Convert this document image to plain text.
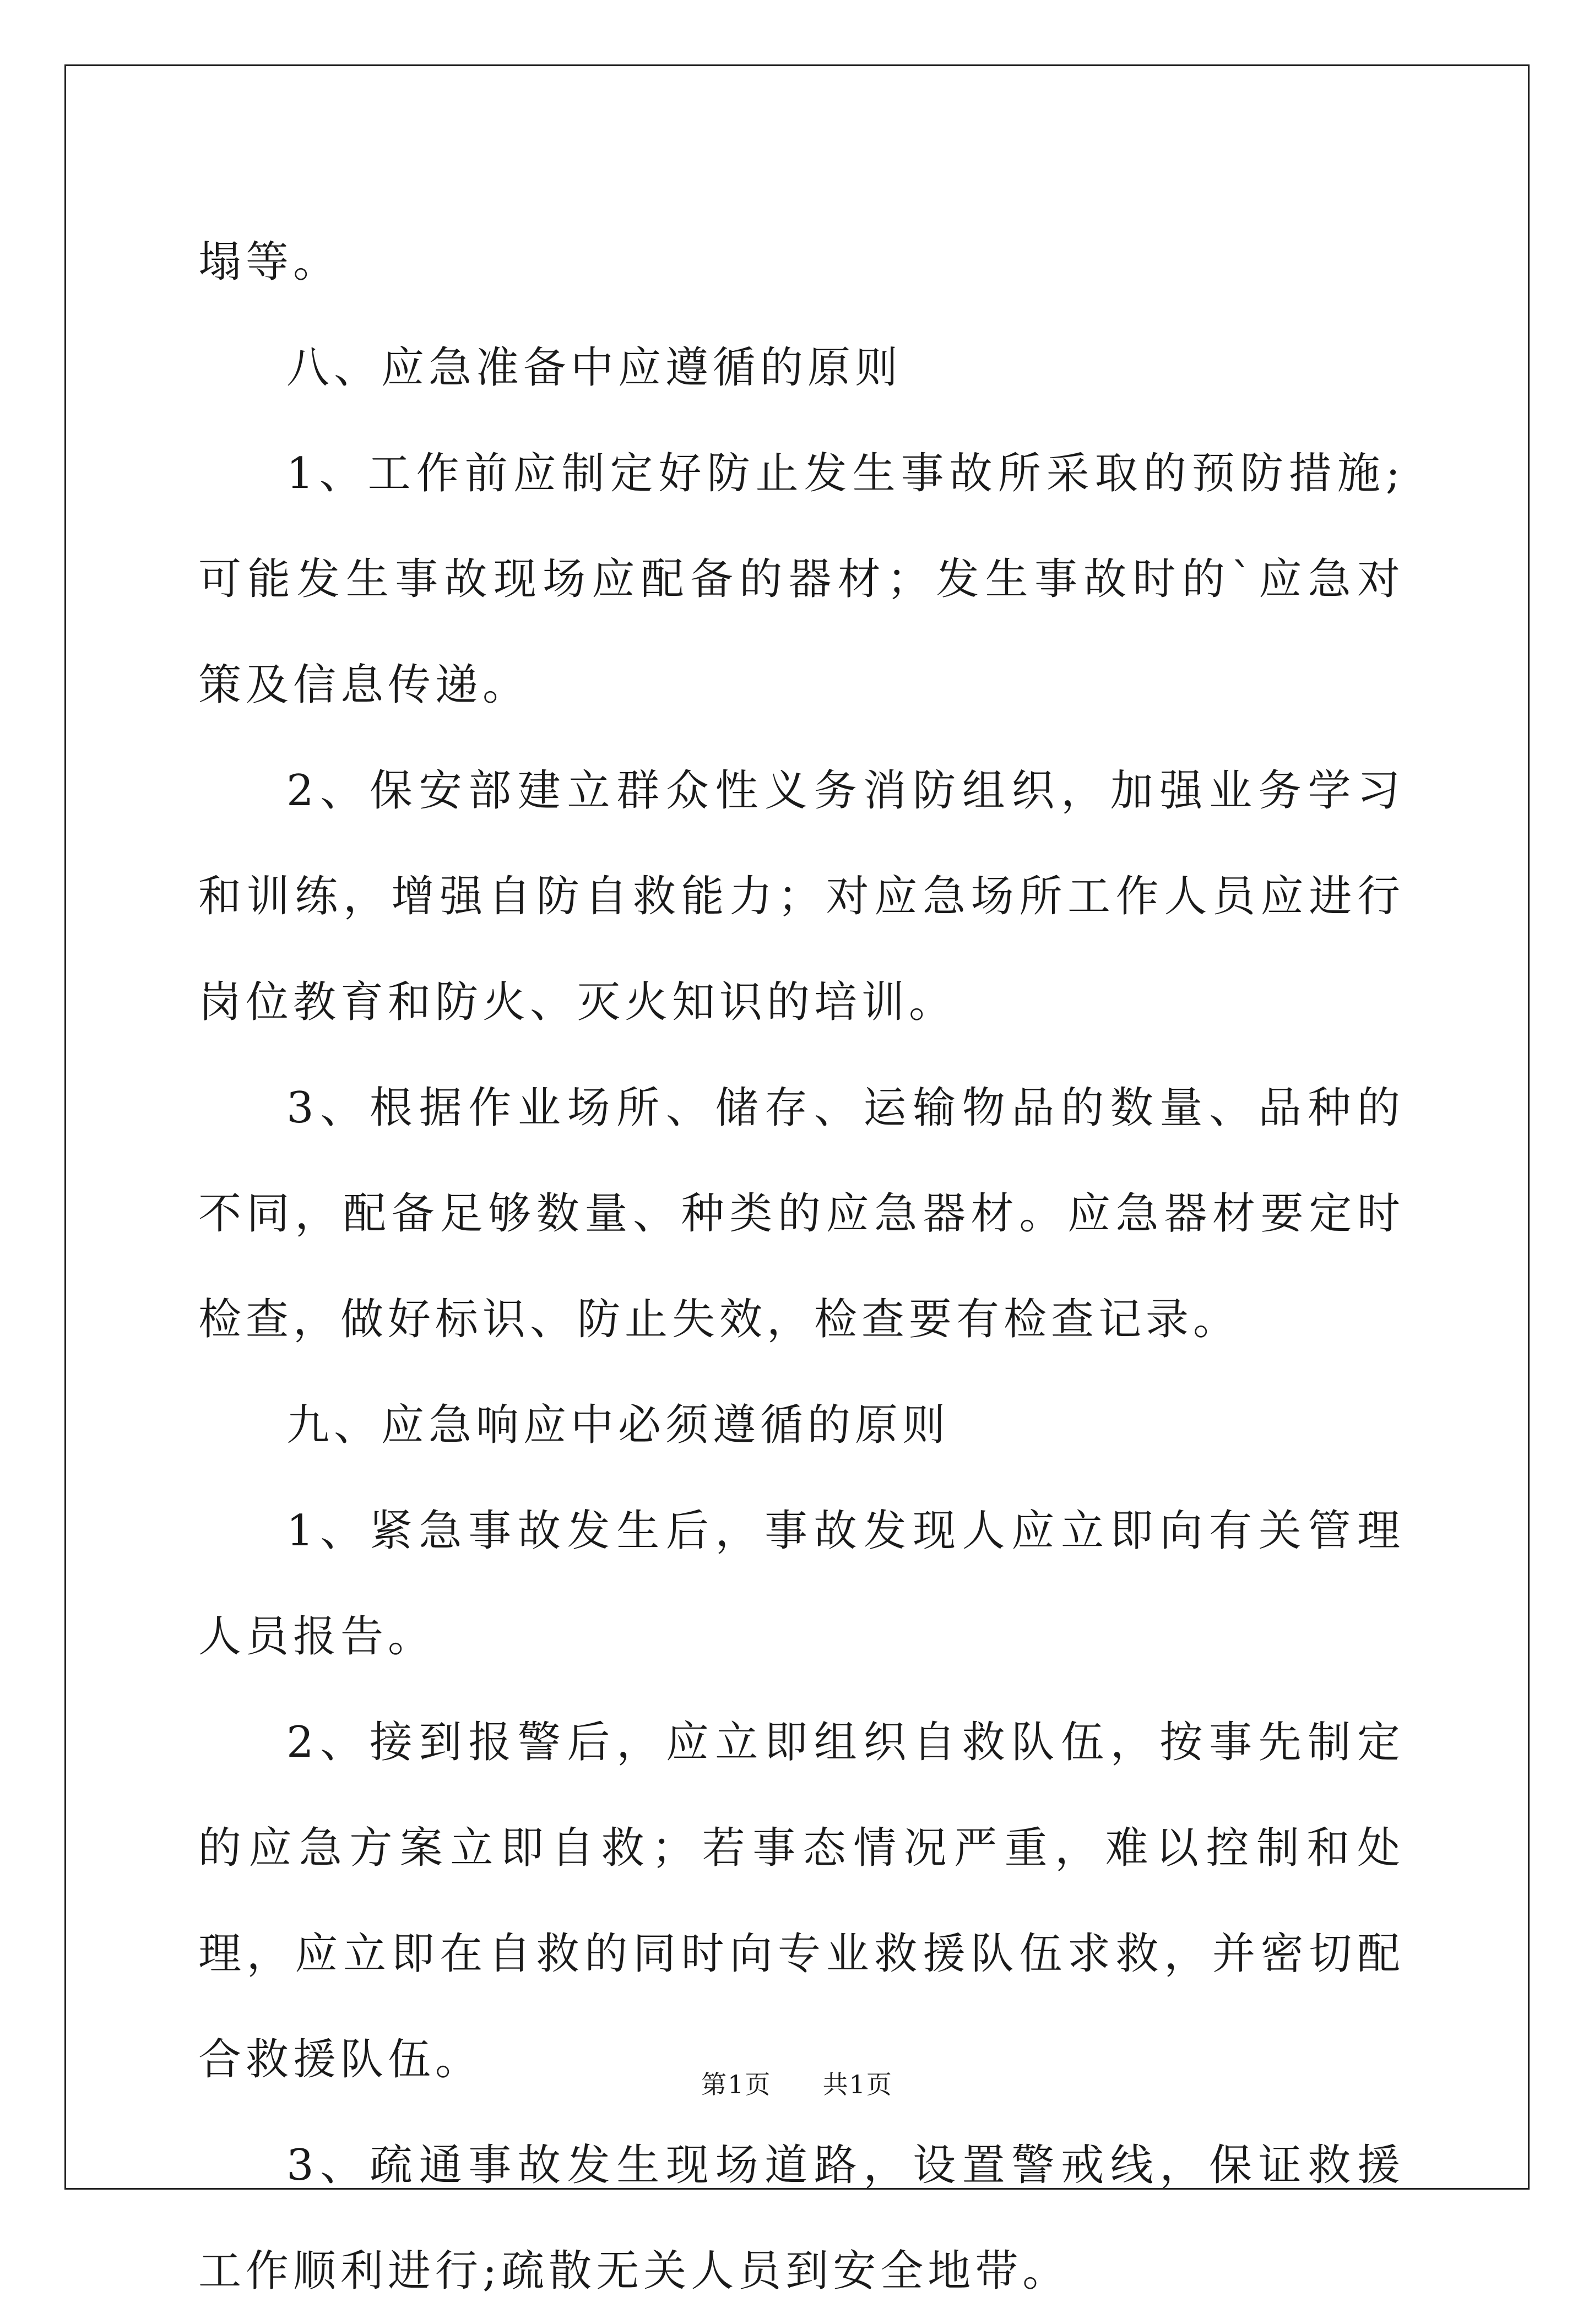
塌等。

八、应急准备中应遵循的原则

1、工作前应制定好防止发生事故所采取的预防措施;可能发生事故现场应配备的器材；发生事故时的`应急对策及信息传递。

2、保安部建立群众性义务消防组织，加强业务学习和训练，增强自防自救能力；对应急场所工作人员应进行岗位教育和防火、灭火知识的培训。

3、根据作业场所、储存、运输物品的数量、品种的不同，配备足够数量、种类的应急器材。应急器材要定时检查，做好标识、防止失效，检查要有检查记录。

九、应急响应中必须遵循的原则

1、紧急事故发生后，事故发现人应立即向有关管理人员报告。

2、接到报警后，应立即组织自救队伍，按事先制定的应急方案立即自救；若事态情况严重，难以控制和处理，应立即在自救的同时向专业救援队伍求救，并密切配合救援队伍。

3、疏通事故发生现场道路，设置警戒线，保证救援工作顺利进行;疏散无关人员到安全地带。

第1页 共1页
